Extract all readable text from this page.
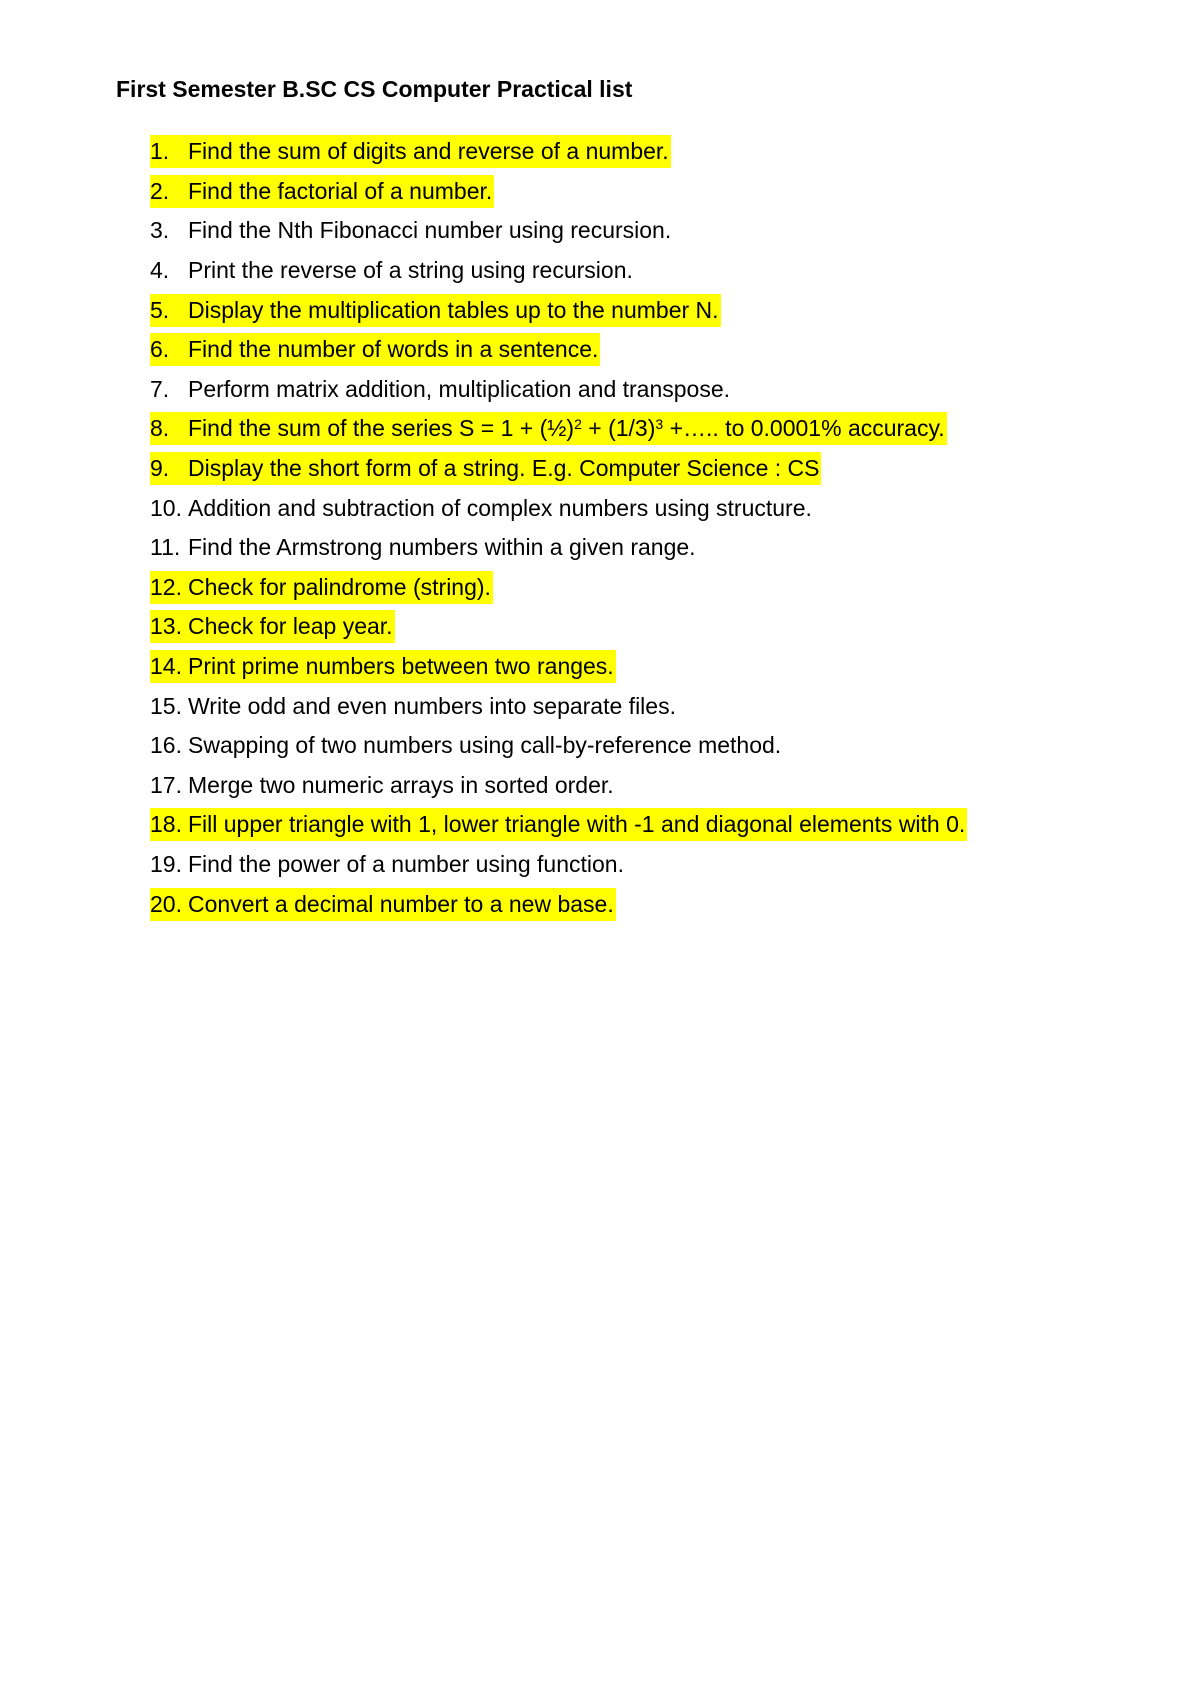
First Semester B.SC CS Computer Practical list
1. Find the sum of digits and reverse of a number.
2. Find the factorial of a number.
3. Find the Nth Fibonacci number using recursion.
4. Print the reverse of a string using recursion.
5. Display the multiplication tables up to the number N.
6. Find the number of words in a sentence.
7. Perform matrix addition, multiplication and transpose.
8. Find the sum of the series S = 1 + (½)$^2$ + $(1/3)^3$ +….. to 0.0001% accuracy.
9. Display the short form of a string. E.g. Computer Science : CS
10. Addition and subtraction of complex numbers using structure.
11. Find the Armstrong numbers within a given range.
12. Check for palindrome (string).
13. Check for leap year.
14. Print prime numbers between two ranges.
15. Write odd and even numbers into separate files.
16. Swapping of two numbers using call-by-reference method.
17. Merge two numeric arrays in sorted order.
18. Fill upper triangle with 1, lower triangle with -1 and diagonal elements with 0.
19. Find the power of a number using function.
20. Convert a decimal number to a new base.
